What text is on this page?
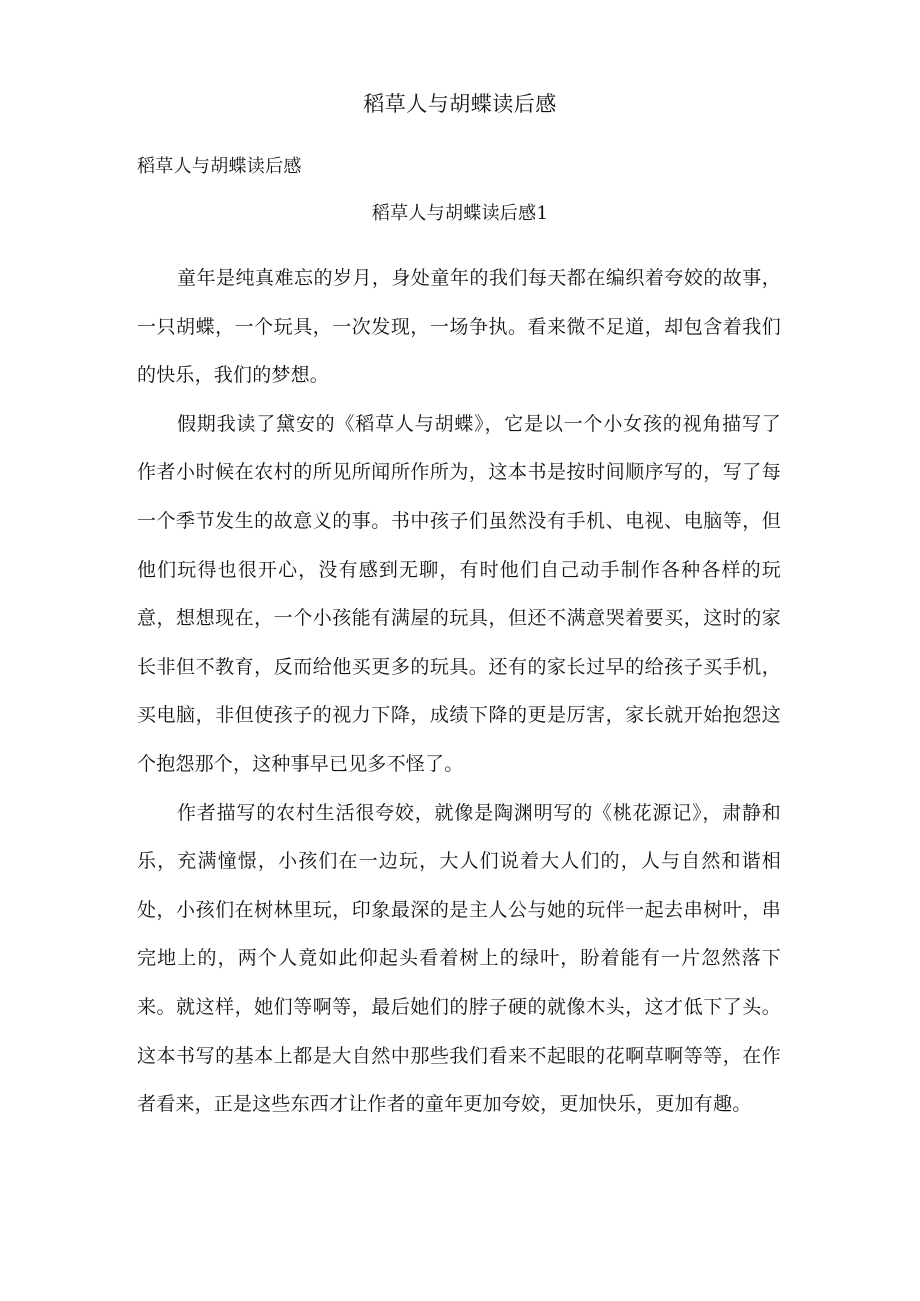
稻草人与胡蝶读后感
稻草人与胡蝶读后感
稻草人与胡蝶读后感1

童年是纯真难忘的岁月，身处童年的我们每天都在编织着夸姣的故事，一只胡蝶，一个玩具，一次发现，一场争执。看来微不足道，却包含着我们的快乐，我们的梦想。

假期我读了黛安的《稻草人与胡蝶》，它是以一个小女孩的视角描写了作者小时候在农村的所见所闻所作所为，这本书是按时间顺序写的，写了每一个季节发生的故意义的事。书中孩子们虽然没有手机、电视、电脑等，但他们玩得也很开心，没有感到无聊，有时他们自己动手制作各种各样的玩意，想想现在，一个小孩能有满屋的玩具，但还不满意哭着要买，这时的家长非但不教育，反而给他买更多的玩具。还有的家长过早的给孩子买手机，买电脑，非但使孩子的视力下降，成绩下降的更是厉害，家长就开始抱怨这个抱怨那个，这种事早已见多不怪了。

作者描写的农村生活很夸姣，就像是陶渊明写的《桃花源记》，肃静和乐，充满憧憬，小孩们在一边玩，大人们说着大人们的，人与自然和谐相处，小孩们在树林里玩，印象最深的是主人公与她的玩伴一起去串树叶，串完地上的，两个人竟如此仰起头看着树上的绿叶，盼着能有一片忽然落下来。就这样，她们等啊等，最后她们的脖子硬的就像木头，这才低下了头。这本书写的基本上都是大自然中那些我们看来不起眼的花啊草啊等等，在作者看来，正是这些东西才让作者的童年更加夸姣，更加快乐，更加有趣。
